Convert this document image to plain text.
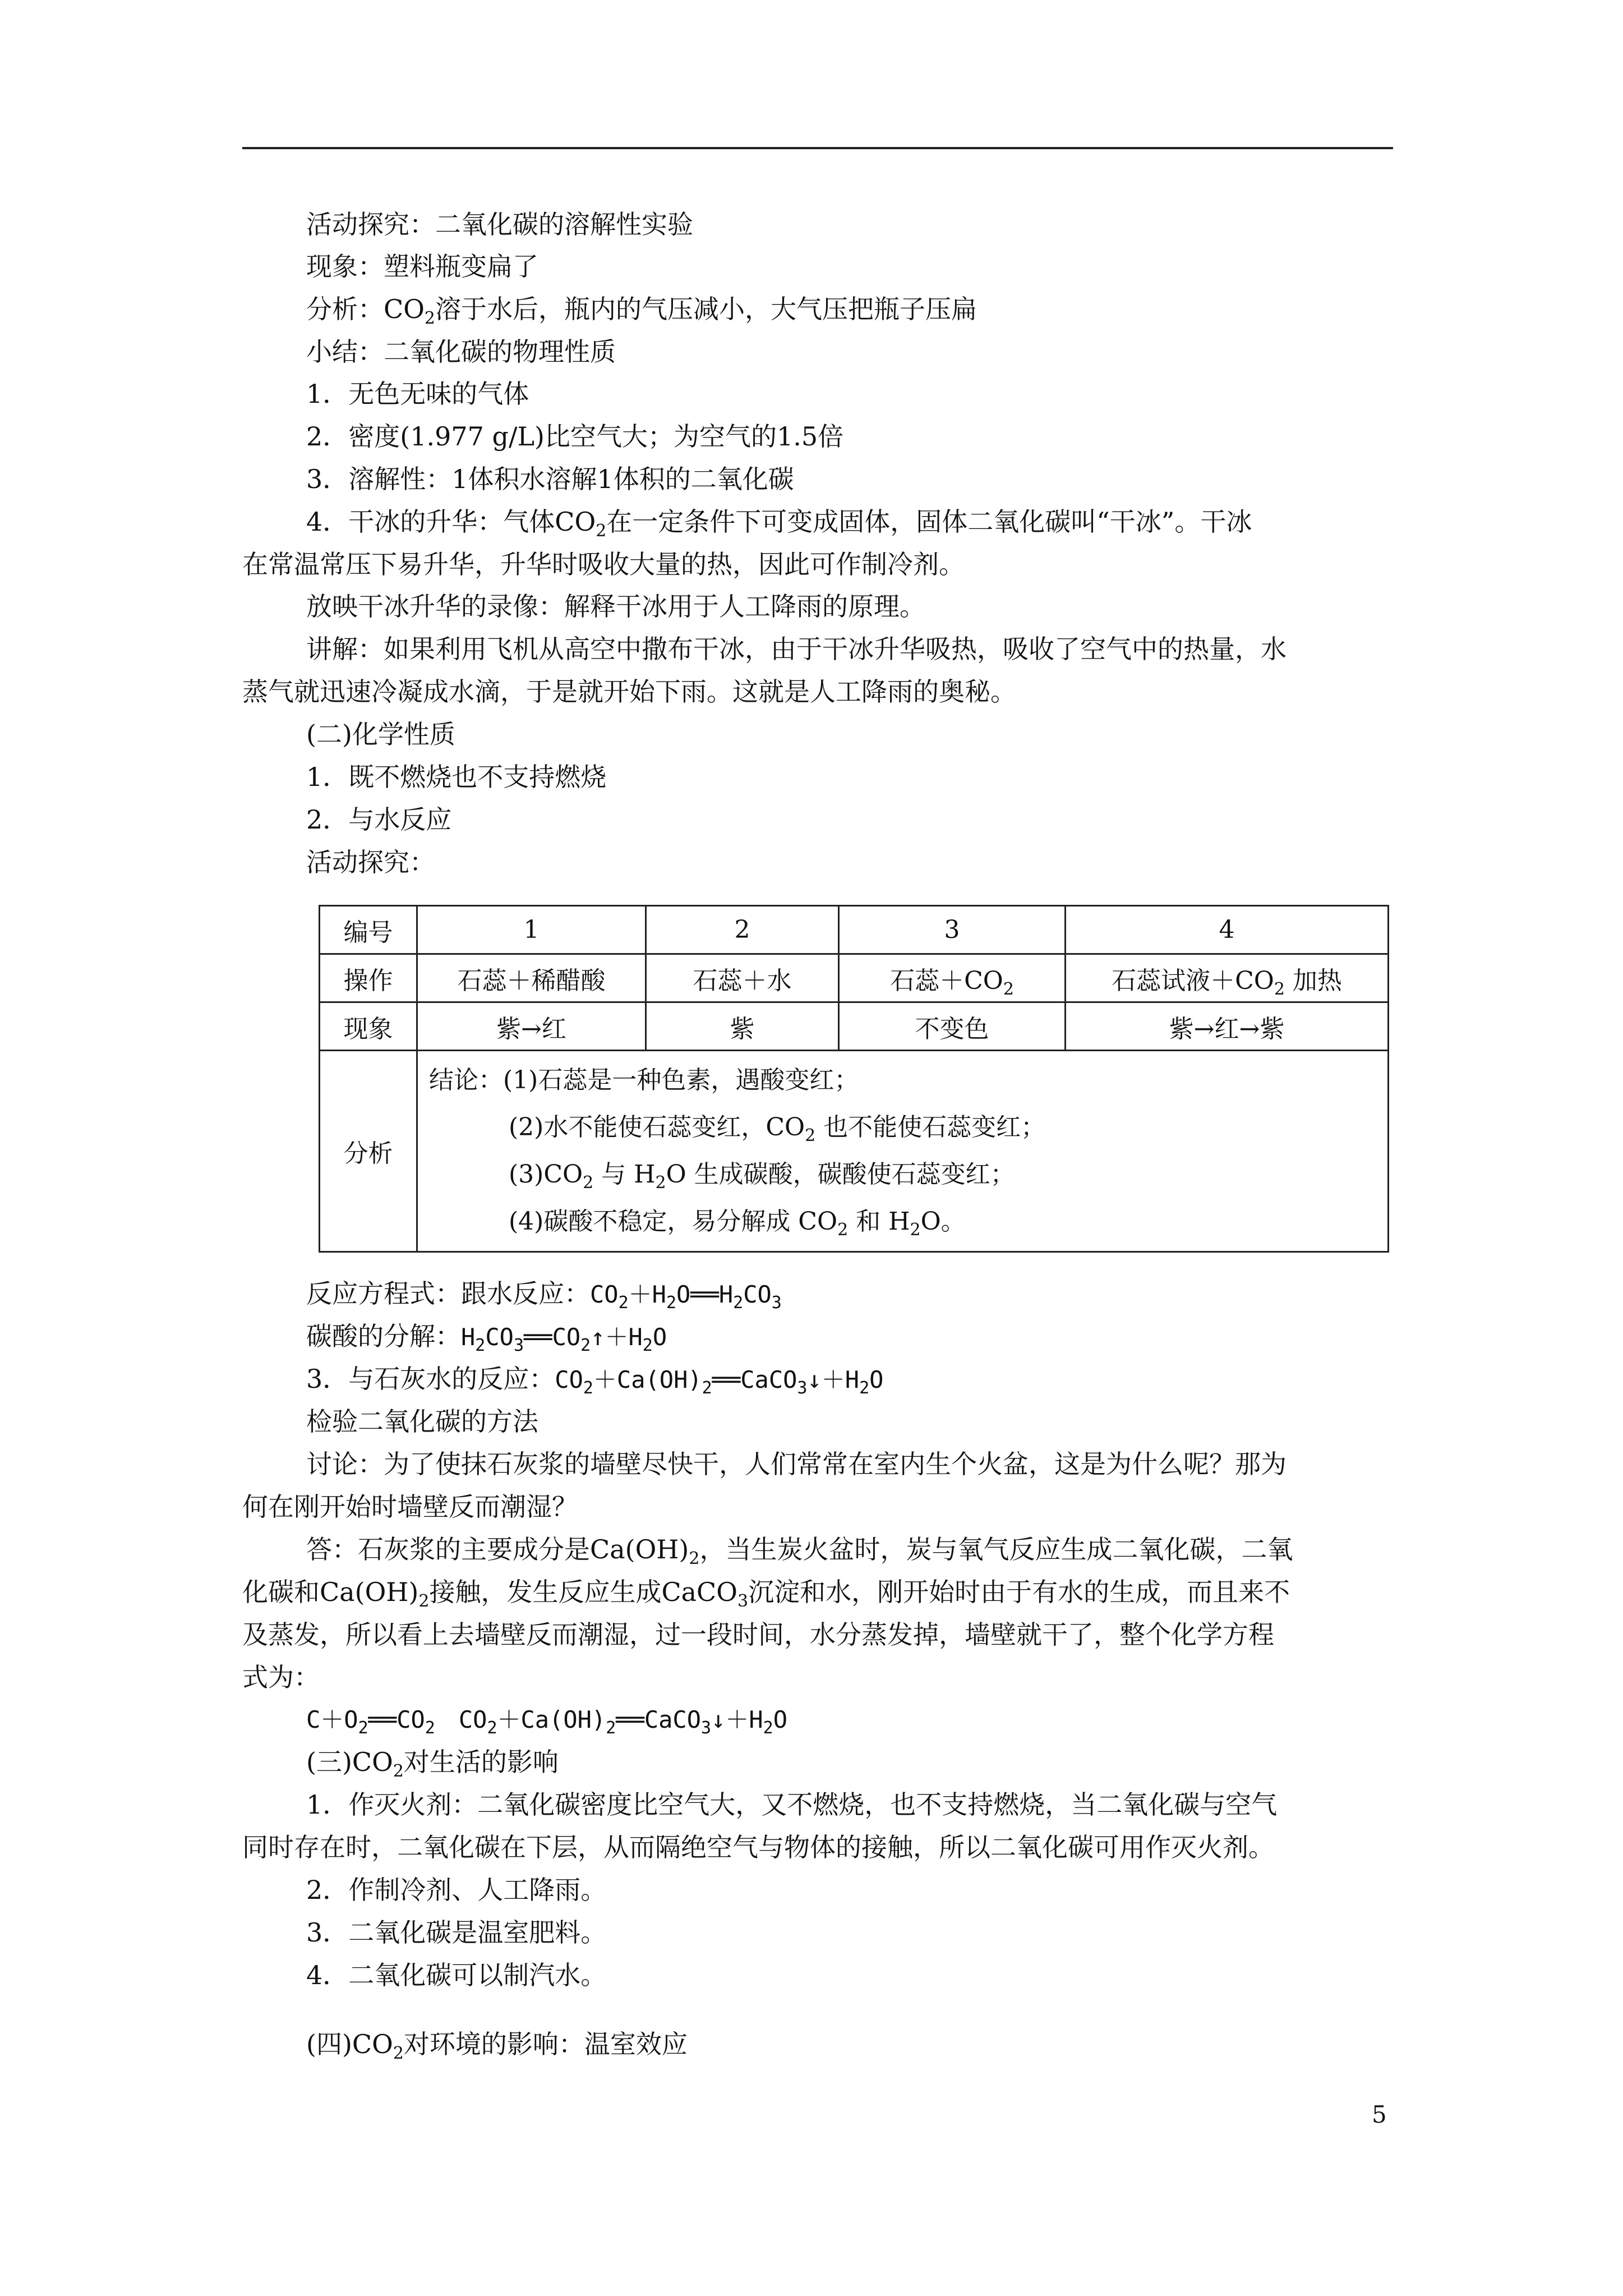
活动探究：二氧化碳的溶解性实验
现象：塑料瓶变扁了
分析：$CO_2$溶于水后，瓶内的气压减小，大气压把瓶子压扁
小结：二氧化碳的物理性质
1．无色无味的气体
2．密度(1.977 g/L)比空气大；为空气的1.5倍
3．溶解性：1体积水溶解1体积的二氧化碳
4．干冰的升华：气体$CO_2$在一定条件下可变成固体，固体二氧化碳叫“干冰”。干冰
在常温常压下易升华，升华时吸收大量的热，因此可作制冷剂。
放映干冰升华的录像：解释干冰用于人工降雨的原理。
讲解：如果利用飞机从高空中撒布干冰，由于干冰升华吸热，吸收了空气中的热量，水
蒸气就迅速冷凝成水滴，于是就开始下雨。这就是人工降雨的奥秘。
(二)化学性质
1．既不燃烧也不支持燃烧
2．与水反应
活动探究：
编号	1	2	3	4
操作	石蕊＋稀醋酸	石蕊＋水	石蕊$+CO_2$	石蕊试液$+CO_2$ 加热
现象	紫→红	紫	不变色	紫→红→紫
分析	结论：(1)石蕊是一种色素，遇酸变红；
(2)水不能使石蕊变红，$CO_2$ 也不能使石蕊变红；
$(3)CO_2$ 与 $H_2O$ 生成碳酸，碳酸使石蕊变红；
(4)碳酸不稳定，易分解成 $CO_2$ 和 $H_2O$。			
反应方程式：跟水反应：$CO_2+H_2O══H_2CO_3$
碳酸的分解：$H_2CO_3══CO_2↑+H_2O$
3．与石灰水的反应：$CO_2+Ca(OH)_2══CaCO_3↓+H_2O$
检验二氧化碳的方法
讨论：为了使抹石灰浆的墙壁尽快干，人们常常在室内生个火盆，这是为什么呢？那为
何在刚开始时墙壁反而潮湿？
答：石灰浆的主要成分是$Ca(OH)_2$，当生炭火盆时，炭与氧气反应生成二氧化碳，二氧
化碳和$Ca(OH)_2$接触，发生反应生成CaCO$_3$沉淀和水，刚开始时由于有水的生成，而且来不
及蒸发，所以看上去墙壁反而潮湿，过一段时间，水分蒸发掉，墙壁就干了，整个化学方程
式为：
$C+O_2══CO_2$　$CO_2+Ca(OH)_2══CaCO_3↓+H_2O$
(三)$CO_2$对生活的影响
1．作灭火剂：二氧化碳密度比空气大，又不燃烧，也不支持燃烧，当二氧化碳与空气
同时存在时，二氧化碳在下层，从而隔绝空气与物体的接触，所以二氧化碳可用作灭火剂。
2．作制冷剂、人工降雨。
3．二氧化碳是温室肥料。
4．二氧化碳可以制汽水。
(四)$CO_2$对环境的影响：温室效应
5
